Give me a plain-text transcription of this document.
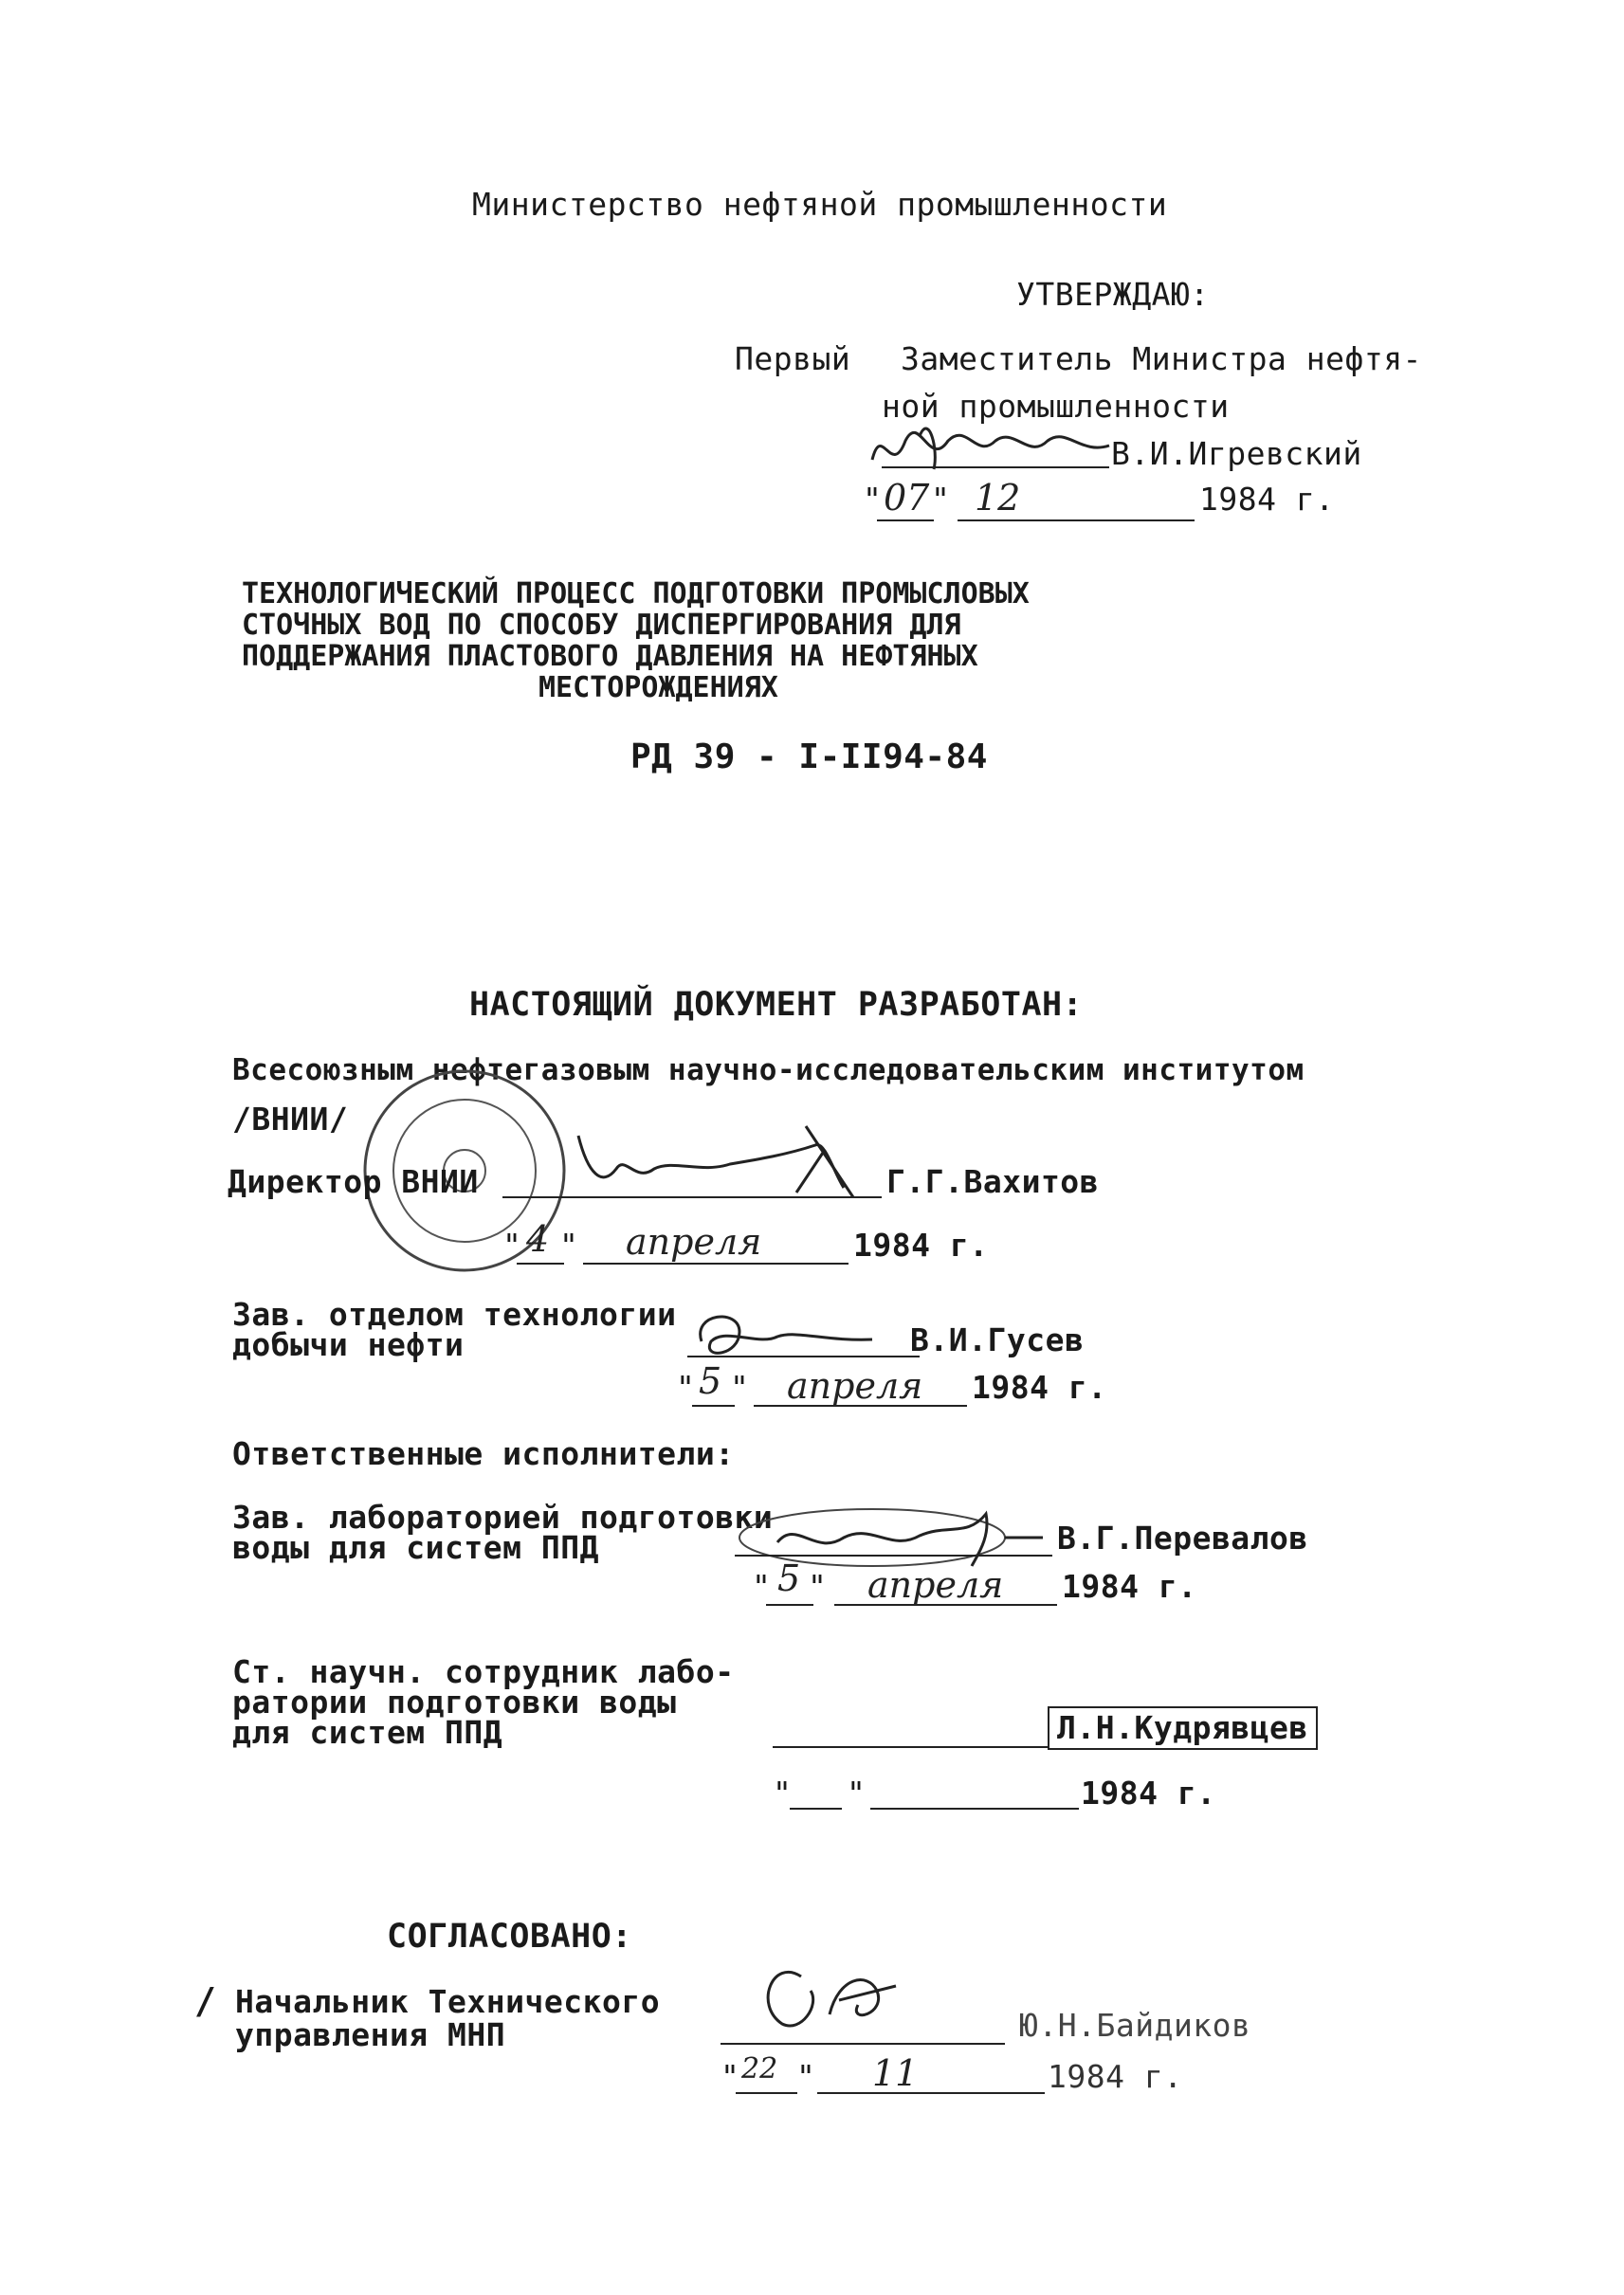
Министерство нефтяной промышленности
УТВЕРЖДАЮ:
Первый Заместитель Министра нефтя-
ной промышленности
В.И.Игревский
" 07 " 12	1984 г.
ТЕХНОЛОГИЧЕСКИЙ ПРОЦЕСС ПОДГОТОВКИ ПРОМЫСЛОВЫХ
СТОЧНЫХ ВОД ПО СПОСОБУ ДИСПЕРГИРОВАНИЯ ДЛЯ
ПОДДЕРЖАНИЯ ПЛАСТОВОГО ДАВЛЕНИЯ НА НЕФТЯНЫХ
МЕСТОРОЖДЕНИЯХ
РД 39 - I-II94-84
НАСТОЯЩИЙ ДОКУМЕНТ РАЗРАБОТАН:
Всесоюзным нефтегазовым научно-исследовательским институтом
/ВНИИ/
Директор ВНИИ	Г.Г.Вахитов
" 4 " апреля	1984 г.
Зав. отделом технологии
добычи нефти	В.И.Гусев
" 5 " апреля 1984 г.
Ответственные исполнители:
Зав. лабораторией подготовки
воды для систем ППД	В.Г.Перевалов
" 5 " апреля 1984 г.
Ст. научн. сотрудник лабо-
ратории подготовки воды
для систем ППД	Л.Н.Кудрявцев
" "	1984 г.
СОГЛАСОВАНО:
/ Начальник Технического
управления МНП	Ю.Н.Байдиков
" 22 " 11	1984 г.
